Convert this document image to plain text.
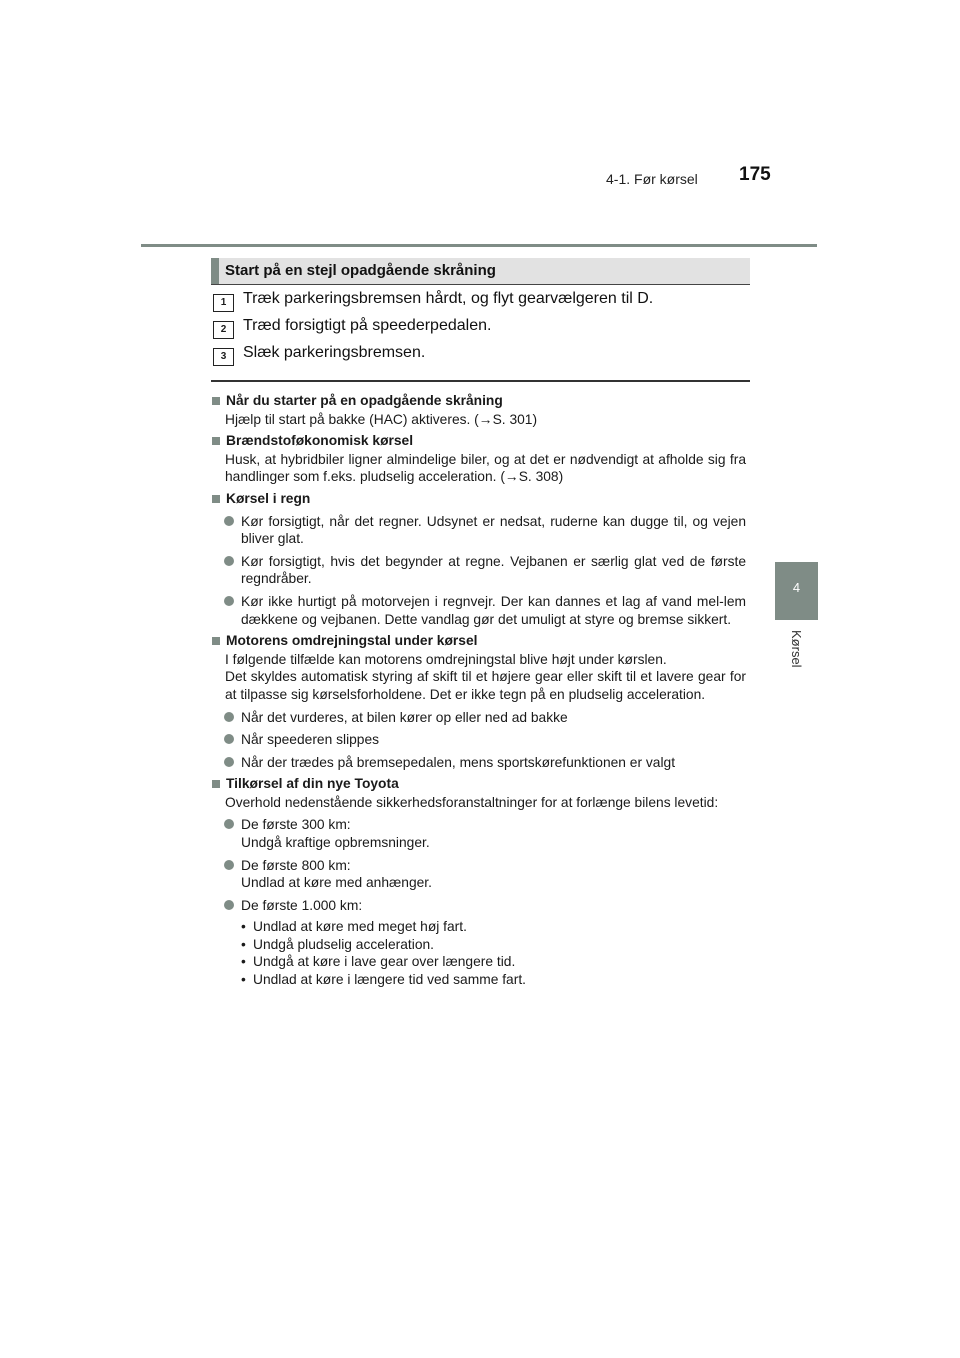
4-1. Før kørsel 175
4
Kørsel
Start på en stejl opadgående skråning
1	Træk parkeringsbremsen hårdt, og flyt gearvælgeren til D.
2	Træd forsigtigt på speederpedalen.
3	Slæk parkeringsbremsen.
Når du starter på en opadgående skråning
Hjælp til start på bakke (HAC) aktiveres. (→S. 301)
Brændstoføkonomisk kørsel
Husk, at hybridbiler ligner almindelige biler, og at det er nødvendigt at afholde sig fra handlinger som f.eks. pludselig acceleration. (→S. 308)
Kørsel i regn
Kør forsigtigt, når det regner. Udsynet er nedsat, ruderne kan dugge til, og vejen bliver glat.
Kør forsigtigt, hvis det begynder at regne. Vejbanen er særlig glat ved de første regndråber.
Kør ikke hurtigt på motorvejen i regnvejr. Der kan dannes et lag af vand mel-lem dækkene og vejbanen. Dette vandlag gør det umuligt at styre og bremse sikkert.
Motorens omdrejningstal under kørsel
I følgende tilfælde kan motorens omdrejningstal blive højt under kørslen.
Det skyldes automatisk styring af skift til et højere gear eller skift til et lavere gear for at tilpasse sig kørselsforholdene. Det er ikke tegn på en pludselig acceleration.
Når det vurderes, at bilen kører op eller ned ad bakke
Når speederen slippes
Når der trædes på bremsepedalen, mens sportskørefunktionen er valgt
Tilkørsel af din nye Toyota
Overhold nedenstående sikkerhedsforanstaltninger for at forlænge bilens levetid:
De første 300 km:
Undgå kraftige opbremsninger.
De første 800 km:
Undlad at køre med anhænger.
De første 1.000 km:
• Undlad at køre med meget høj fart.
• Undgå pludselig acceleration.
• Undgå at køre i lave gear over længere tid.
• Undlad at køre i længere tid ved samme fart.
